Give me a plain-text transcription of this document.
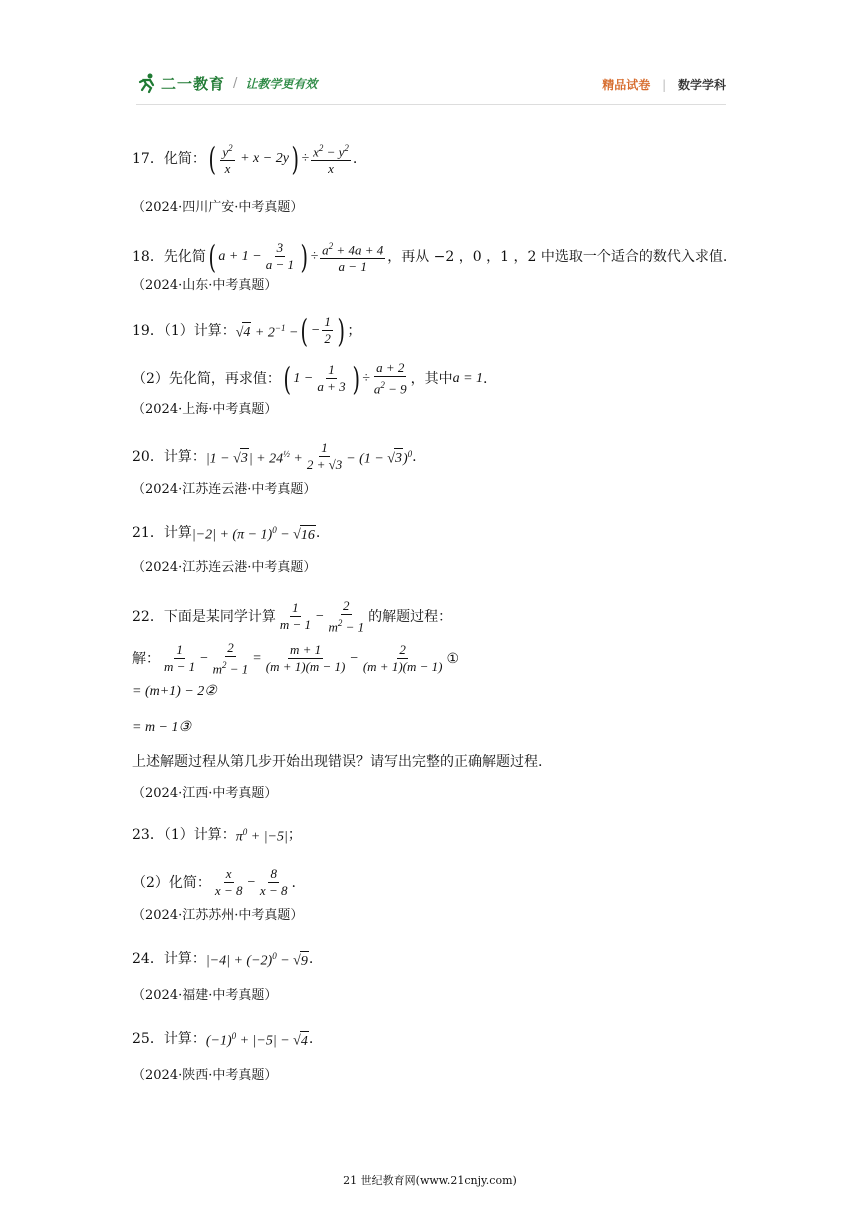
二一教育 / 让教学更有效	精品试卷 | 数学学科
17．化简： ( $\frac{y^2}{x} + x - 2y$ ) ÷ $\frac{x^2 - y^2}{x}$ .
（2024·四川广安·中考真题）
18．先化简 ( $a + 1 - \frac{3}{a - 1}$ ) ÷ $\frac{a^2 + 4a + 4}{a - 1}$ ，再从 −2 ，0 ，1 ，2 中选取一个适合的数代入求值.
（2024·山东·中考真题）
19．（1）计算： $√4 + 2^{-1}$ − ( − $\frac{1}{2}$ ) ；
（2）先化简，再求值： ( $1 - \frac{1}{a + 3}$ ) ÷ $\frac{a + 2}{a^2 - 9}$ ，其中 a = 1 .
（2024·上海·中考真题）
20．计算： $|1 - √3| + 24^{\frac{1}{2}} + \frac{1}{2 + √3} - (1 - √3)^0$ .
（2024·江苏连云港·中考真题）
21．计算 $|-2| + (\pi - 1)^0 - √16$ .
（2024·江苏连云港·中考真题）
22．下面是某同学计算 $\frac{1}{m - 1} - \frac{2}{m^2 - 1}$ 的解题过程：
解： $\frac{1}{m - 1} - \frac{2}{m^2 - 1} = \frac{m + 1}{(m + 1)(m - 1)} - \frac{2}{(m + 1)(m - 1)}$ ①
= (m+1) − 2②
= m − 1③
上述解题过程从第几步开始出现错误？请写出完整的正确解题过程.
（2024·江西·中考真题）
23．（1）计算： $\pi^0 + |-5|$ ；
（2）化简： $\frac{x}{x - 8} - \frac{8}{x - 8}$ .
（2024·江苏苏州·中考真题）
24．计算： $|-4| + (-2)^0 - √9$ .
（2024·福建·中考真题）
25．计算： $(-1)^0 + |-5| - √4$ .
（2024·陕西·中考真题）
21 世纪教育网(www.21cnjy.com)
